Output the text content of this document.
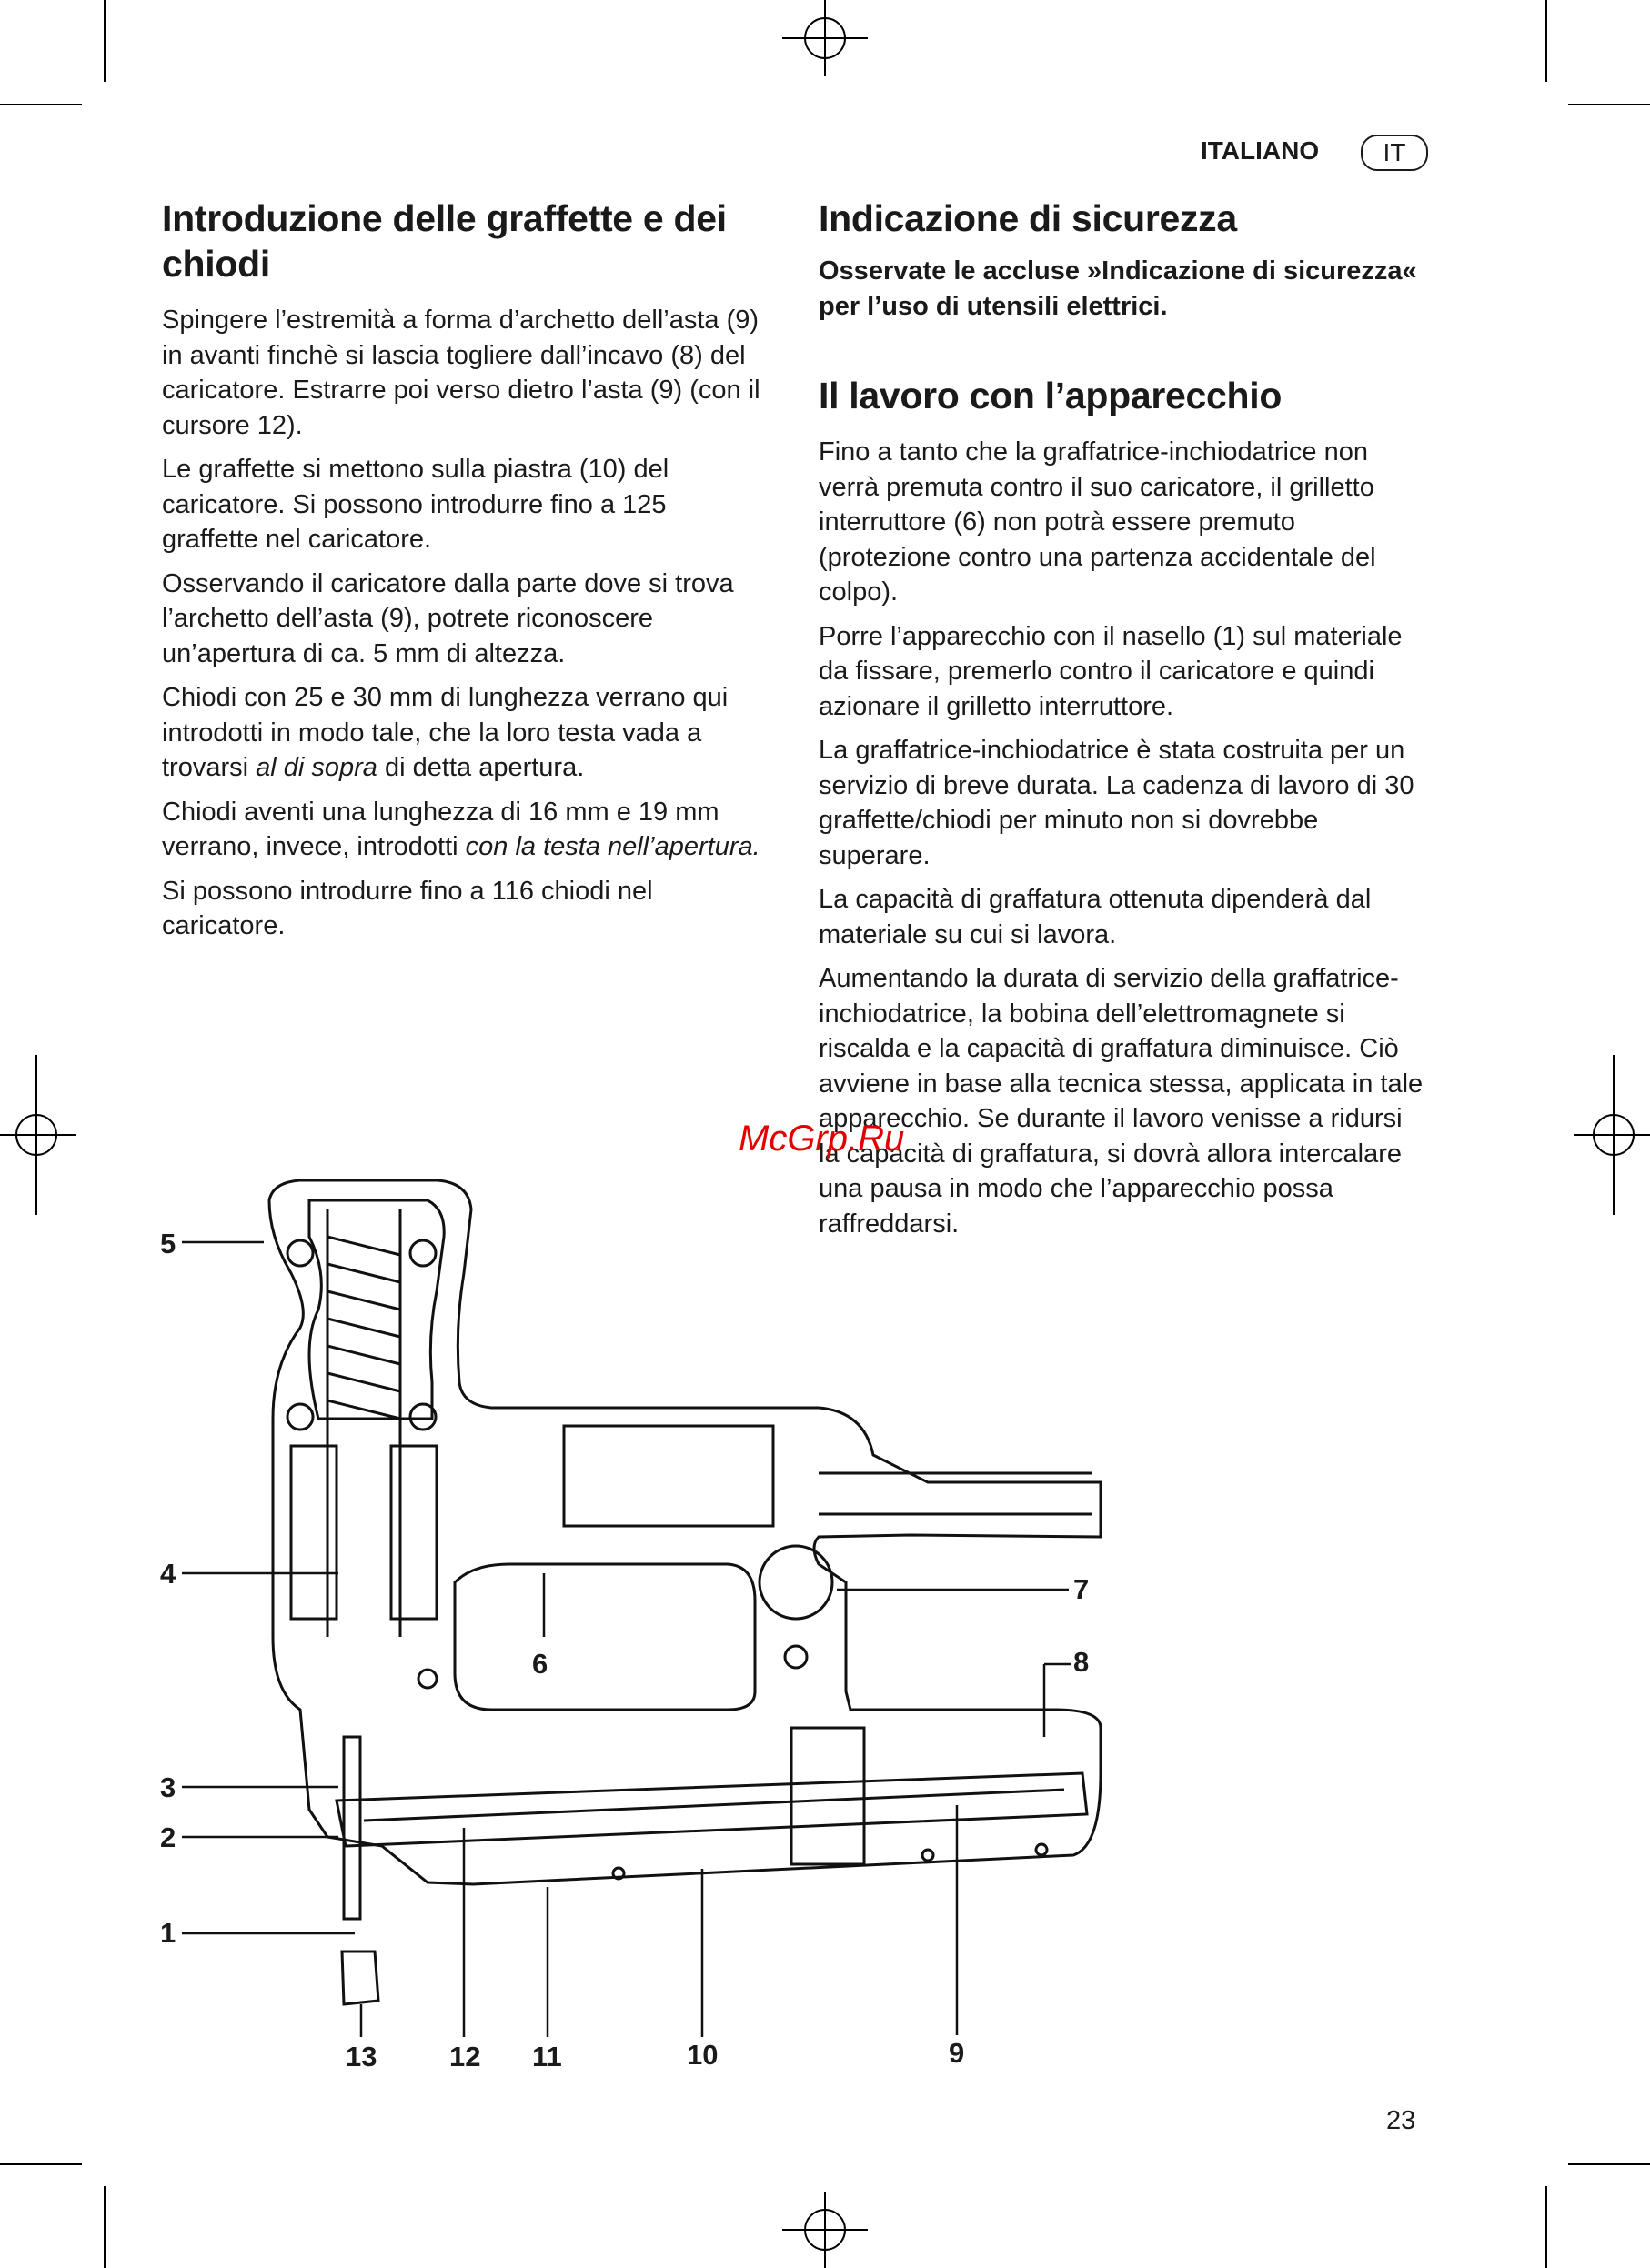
ITALIANO	IT
Introduzione delle graffette e dei chiodi

Spingere l’estremità a forma d’archetto dell’asta (9) in avanti finchè si lascia togliere dall’incavo (8) del caricatore. Estrarre poi verso dietro l’asta (9) (con il cursore 12).

Le graffette si mettono sulla piastra (10) del caricatore. Si possono introdurre fino a 125 graffette nel caricatore.

Osservando il caricatore dalla parte dove si trova l’archetto dell’asta (9), potrete riconoscere un’apertura di ca. 5 mm di altezza.

Chiodi con 25 e 30 mm di lunghezza verrano qui introdotti in modo tale, che la loro testa vada a trovarsi al di sopra di detta apertura.

Chiodi aventi una lunghezza di 16 mm e 19 mm verrano, invece, introdotti con la testa nell’apertura.

Si possono introdurre fino a 116 chiodi nel caricatore.

Indicazione di sicurezza

Osservate le accluse »Indicazione di sicurezza« per l’uso di utensili elettrici.

Il lavoro con l’apparecchio

Fino a tanto che la graffatrice-inchiodatrice non verrà premuta contro il suo caricatore, il grilletto interruttore (6) non potrà essere premuto (protezione contro una partenza accidentale del colpo).

Porre l’apparecchio con il nasello (1) sul materiale da fissare, premerlo contro il caricatore e quindi azionare il grilletto interruttore.

La graffatrice-inchiodatrice è stata costruita per un servizio di breve durata. La cadenza di lavoro di 30 graffette/chiodi per minuto non si dovrebbe superare.

La capacità di graffatura ottenuta dipenderà dal materiale su cui si lavora.

Aumentando la durata di servizio della graffatrice-inchiodatrice, la bobina dell’elettromagnete si riscalda e la capacità di graffatura diminuisce. Ciò avviene in base alla tecnica stessa, applicata in tale apparecchio. Se durante il lavoro venisse a ridursi la capacità di graffatura, si dovrà allora intercalare una pausa in modo che l’apparecchio possa raffreddarsi.

McGrp.Ru
5
4
6
7
8
3
2
1
13	12 11	10	9
23
